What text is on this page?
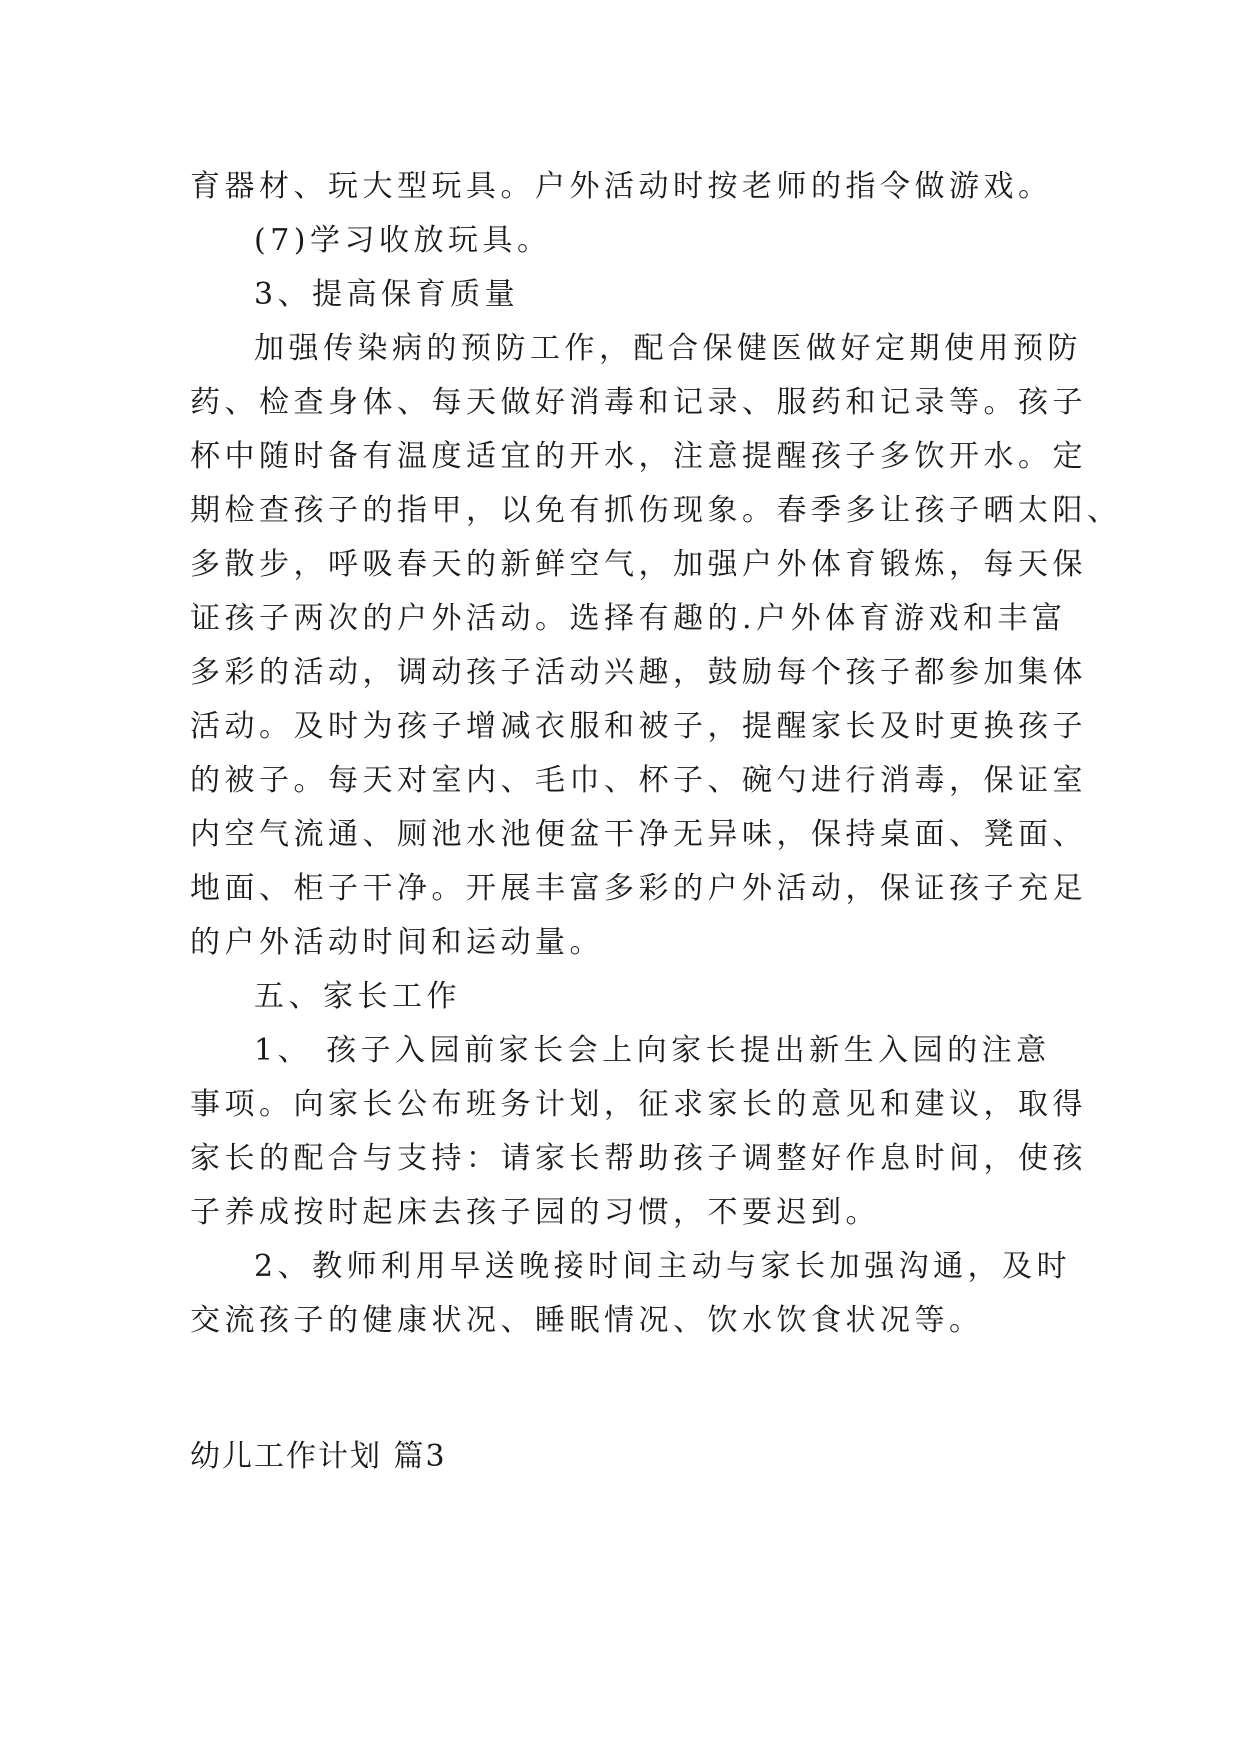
育器材、玩大型玩具。户外活动时按老师的指令做游戏。
(7)学习收放玩具。
3、提高保育质量
加强传染病的预防工作，配合保健医做好定期使用预防
药、检查身体、每天做好消毒和记录、服药和记录等。孩子
杯中随时备有温度适宜的开水，注意提醒孩子多饮开水。定
期检查孩子的指甲，以免有抓伤现象。春季多让孩子晒太阳、
多散步，呼吸春天的新鲜空气，加强户外体育锻炼，每天保
证孩子两次的户外活动。选择有趣的.户外体育游戏和丰富
多彩的活动，调动孩子活动兴趣，鼓励每个孩子都参加集体
活动。及时为孩子增减衣服和被子，提醒家长及时更换孩子
的被子。每天对室内、毛巾、杯子、碗勺进行消毒，保证室
内空气流通、厕池水池便盆干净无异味，保持桌面、凳面、
地面、柜子干净。开展丰富多彩的户外活动，保证孩子充足
的户外活动时间和运动量。
五、家长工作
1、 孩子入园前家长会上向家长提出新生入园的注意
事项。向家长公布班务计划，征求家长的意见和建议，取得
家长的配合与支持：请家长帮助孩子调整好作息时间，使孩
子养成按时起床去孩子园的习惯，不要迟到。
2、教师利用早送晚接时间主动与家长加强沟通，及时
交流孩子的健康状况、睡眠情况、饮水饮食状况等。
幼儿工作计划 篇3
